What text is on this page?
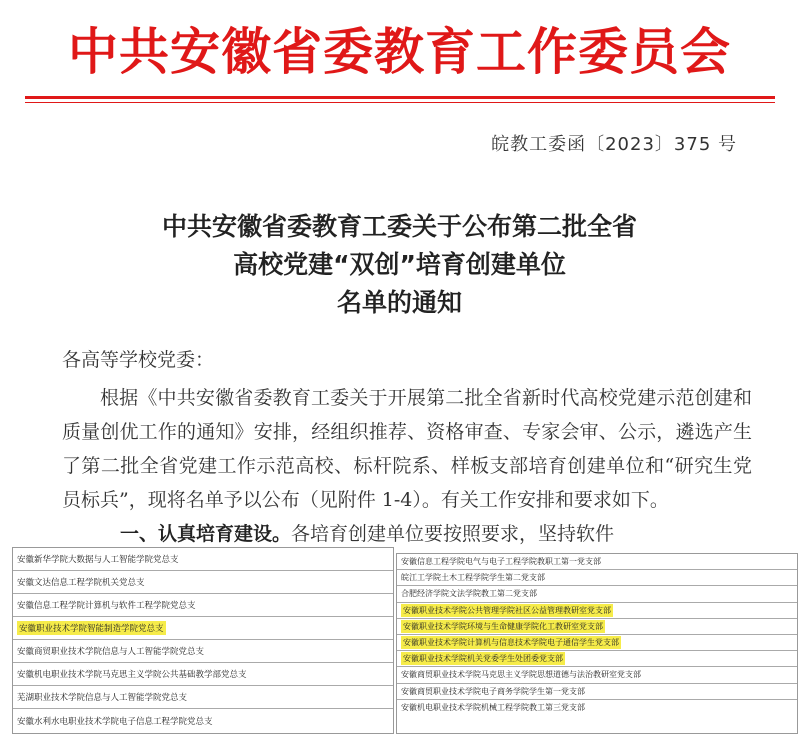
中共安徽省委教育工作委员会
皖教工委函〔2023〕375 号
中共安徽省委教育工委关于公布第二批全省
高校党建“双创”培育创建单位
名单的通知

各高等学校党委：

根据《中共安徽省委教育工委关于开展第二批全省新时代高校党建示范创建和质量创优工作的通知》安排，经组织推荐、资格审查、专家会审、公示，遴选产生了第二批全省党建工作示范高校、标杆院系、样板支部培育创建单位和“研究生党员标兵”，现将名单予以公布（见附件 1-4）。有关工作安排和要求如下。

一、认真培育建设。各培育创建单位要按照要求，坚持软件
安徽新华学院大数据与人工智能学院党总支
安徽文达信息工程学院机关党总支
安徽信息工程学院计算机与软件工程学院党总支
安徽职业技术学院智能制造学院党总支
安徽商贸职业技术学院信息与人工智能学院党总支
安徽机电职业技术学院马克思主义学院公共基础教学部党总支
芜湖职业技术学院信息与人工智能学院党总支
安徽水利水电职业技术学院电子信息工程学院党总支
安徽信息工程学院电气与电子工程学院教职工第一党支部
皖江工学院土木工程学院学生第二党支部
合肥经济学院文法学院教工第二党支部
安徽职业技术学院公共管理学院社区公益管理教研室党支部
安徽职业技术学院环境与生命健康学院化工教研室党支部
安徽职业技术学院计算机与信息技术学院电子通信学生党支部
安徽职业技术学院机关党委学生处团委党支部
安徽商贸职业技术学院马克思主义学院思想道德与法治教研室党支部
安徽商贸职业技术学院电子商务学院学生第一党支部
安徽机电职业技术学院机械工程学院教工第三党支部
